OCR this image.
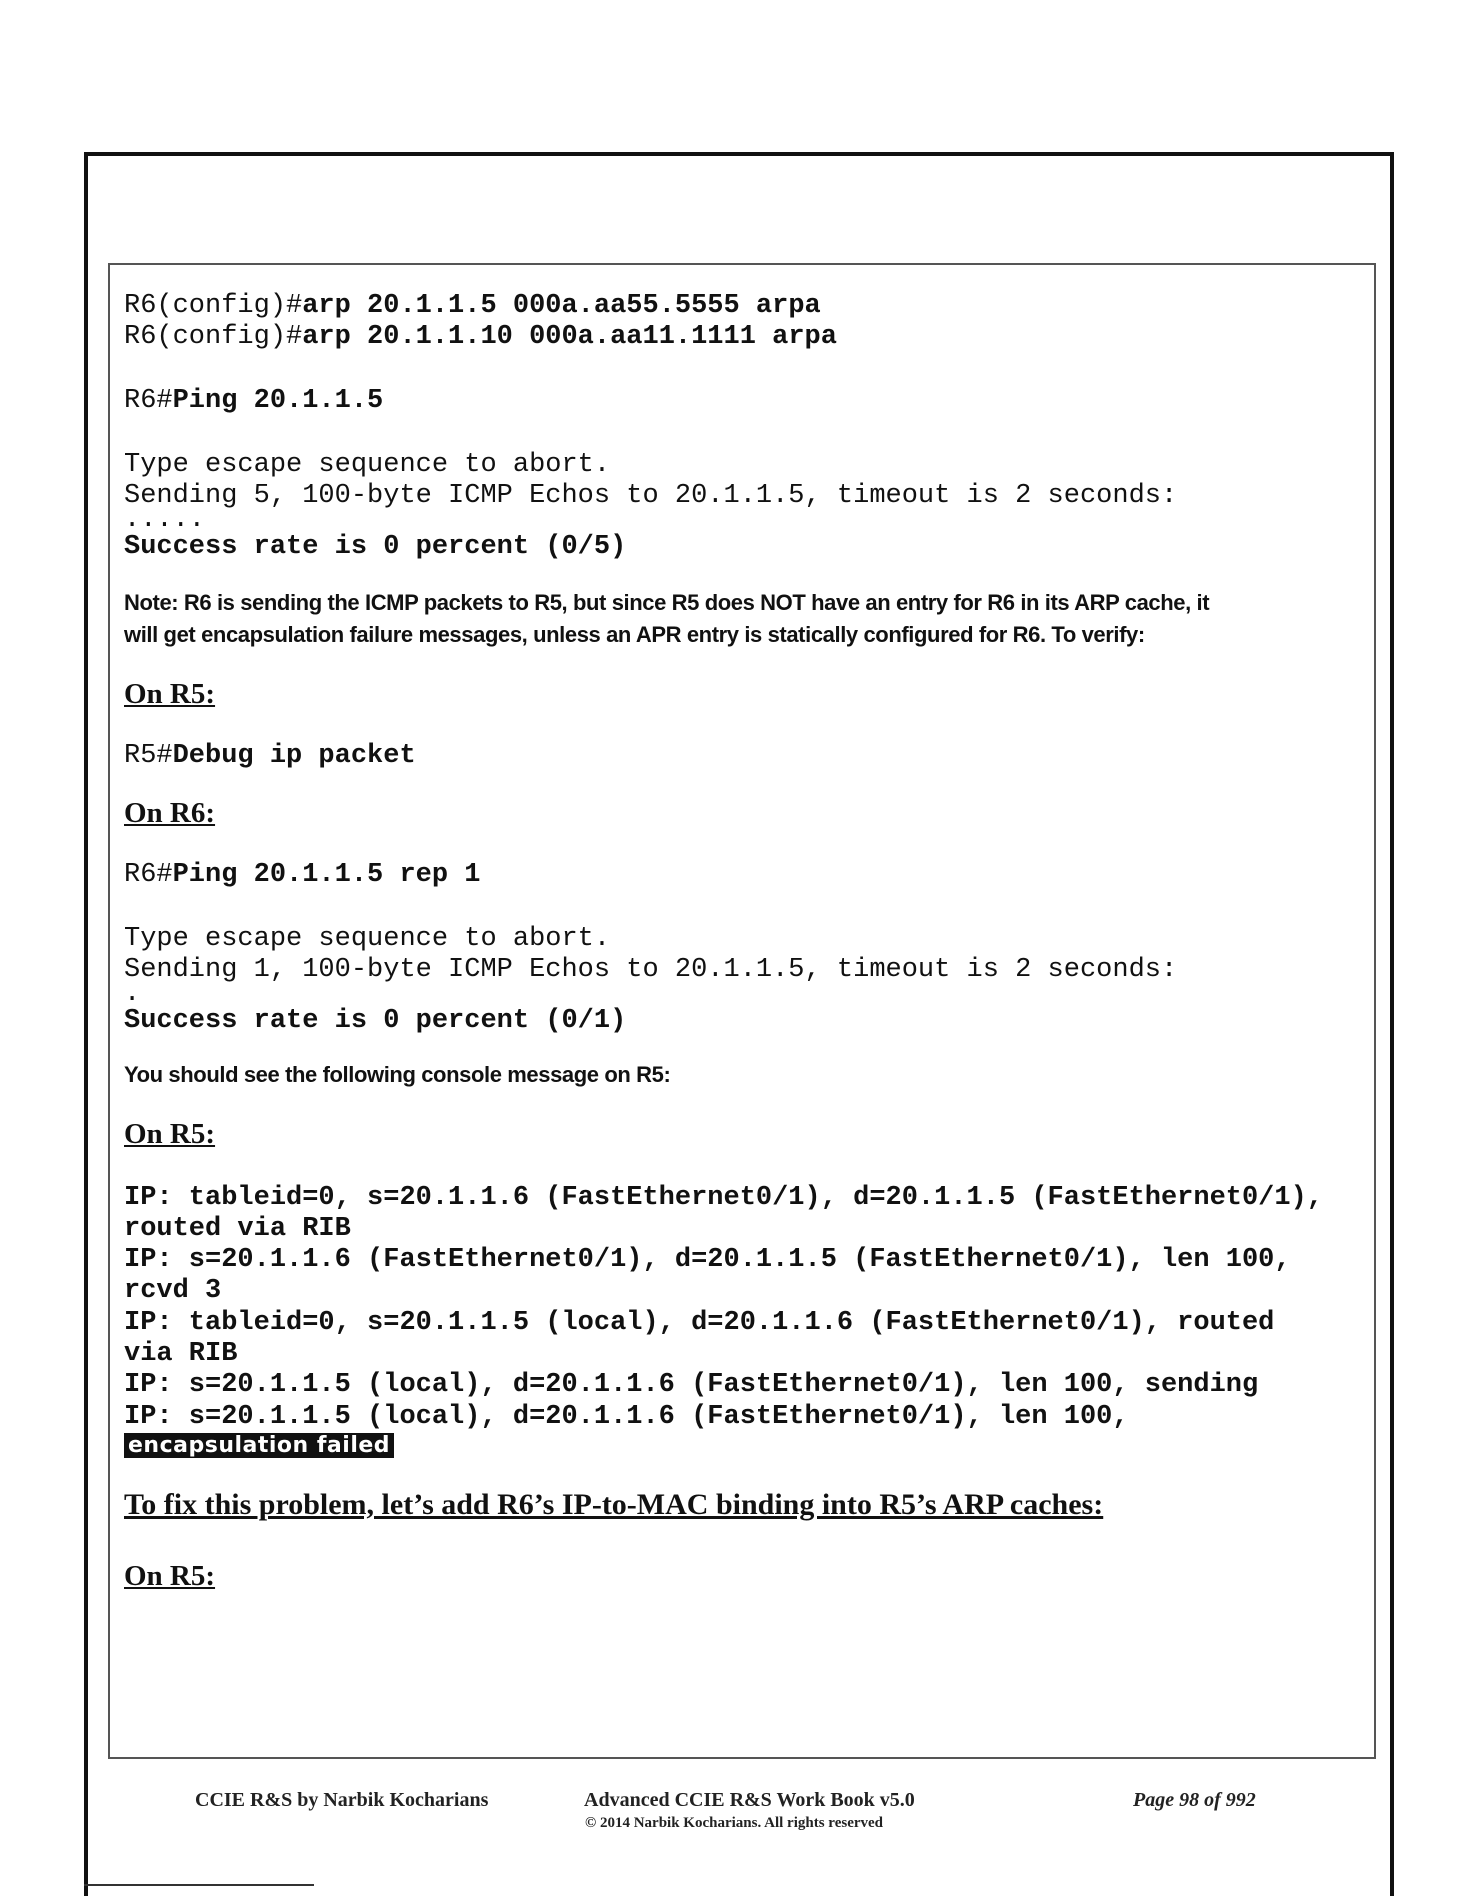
R6(config)#arp 20.1.1.5 000a.aa55.5555 arpa
R6(config)#arp 20.1.1.10 000a.aa11.1111 arpa
R6#Ping 20.1.1.5
Type escape sequence to abort.
Sending 5, 100-byte ICMP Echos to 20.1.1.5, timeout is 2 seconds:
.....
Success rate is 0 percent (0/5)
Note: R6 is sending the ICMP packets to R5, but since R5 does NOT have an entry for R6 in its ARP cache, it
will get encapsulation failure messages, unless an APR entry is statically configured for R6. To verify:
On R5:
R5#Debug ip packet
On R6:
R6#Ping 20.1.1.5 rep 1
Type escape sequence to abort.
Sending 1, 100-byte ICMP Echos to 20.1.1.5, timeout is 2 seconds:
.
Success rate is 0 percent (0/1)
You should see the following console message on R5:
On R5:
IP: tableid=0, s=20.1.1.6 (FastEthernet0/1), d=20.1.1.5 (FastEthernet0/1),
routed via RIB
IP: s=20.1.1.6 (FastEthernet0/1), d=20.1.1.5 (FastEthernet0/1), len 100,
rcvd 3
IP: tableid=0, s=20.1.1.5 (local), d=20.1.1.6 (FastEthernet0/1), routed
via RIB
IP: s=20.1.1.5 (local), d=20.1.1.6 (FastEthernet0/1), len 100, sending
IP: s=20.1.1.5 (local), d=20.1.1.6 (FastEthernet0/1), len 100,
encapsulation failed
To fix this problem, let’s add R6’s IP-to-MAC binding into R5’s ARP caches:
On R5:
CCIE R&S by Narbik Kocharians	Advanced CCIE R&S Work Book v5.0
© 2014 Narbik Kocharians. All rights reserved
Page 98 of 992
